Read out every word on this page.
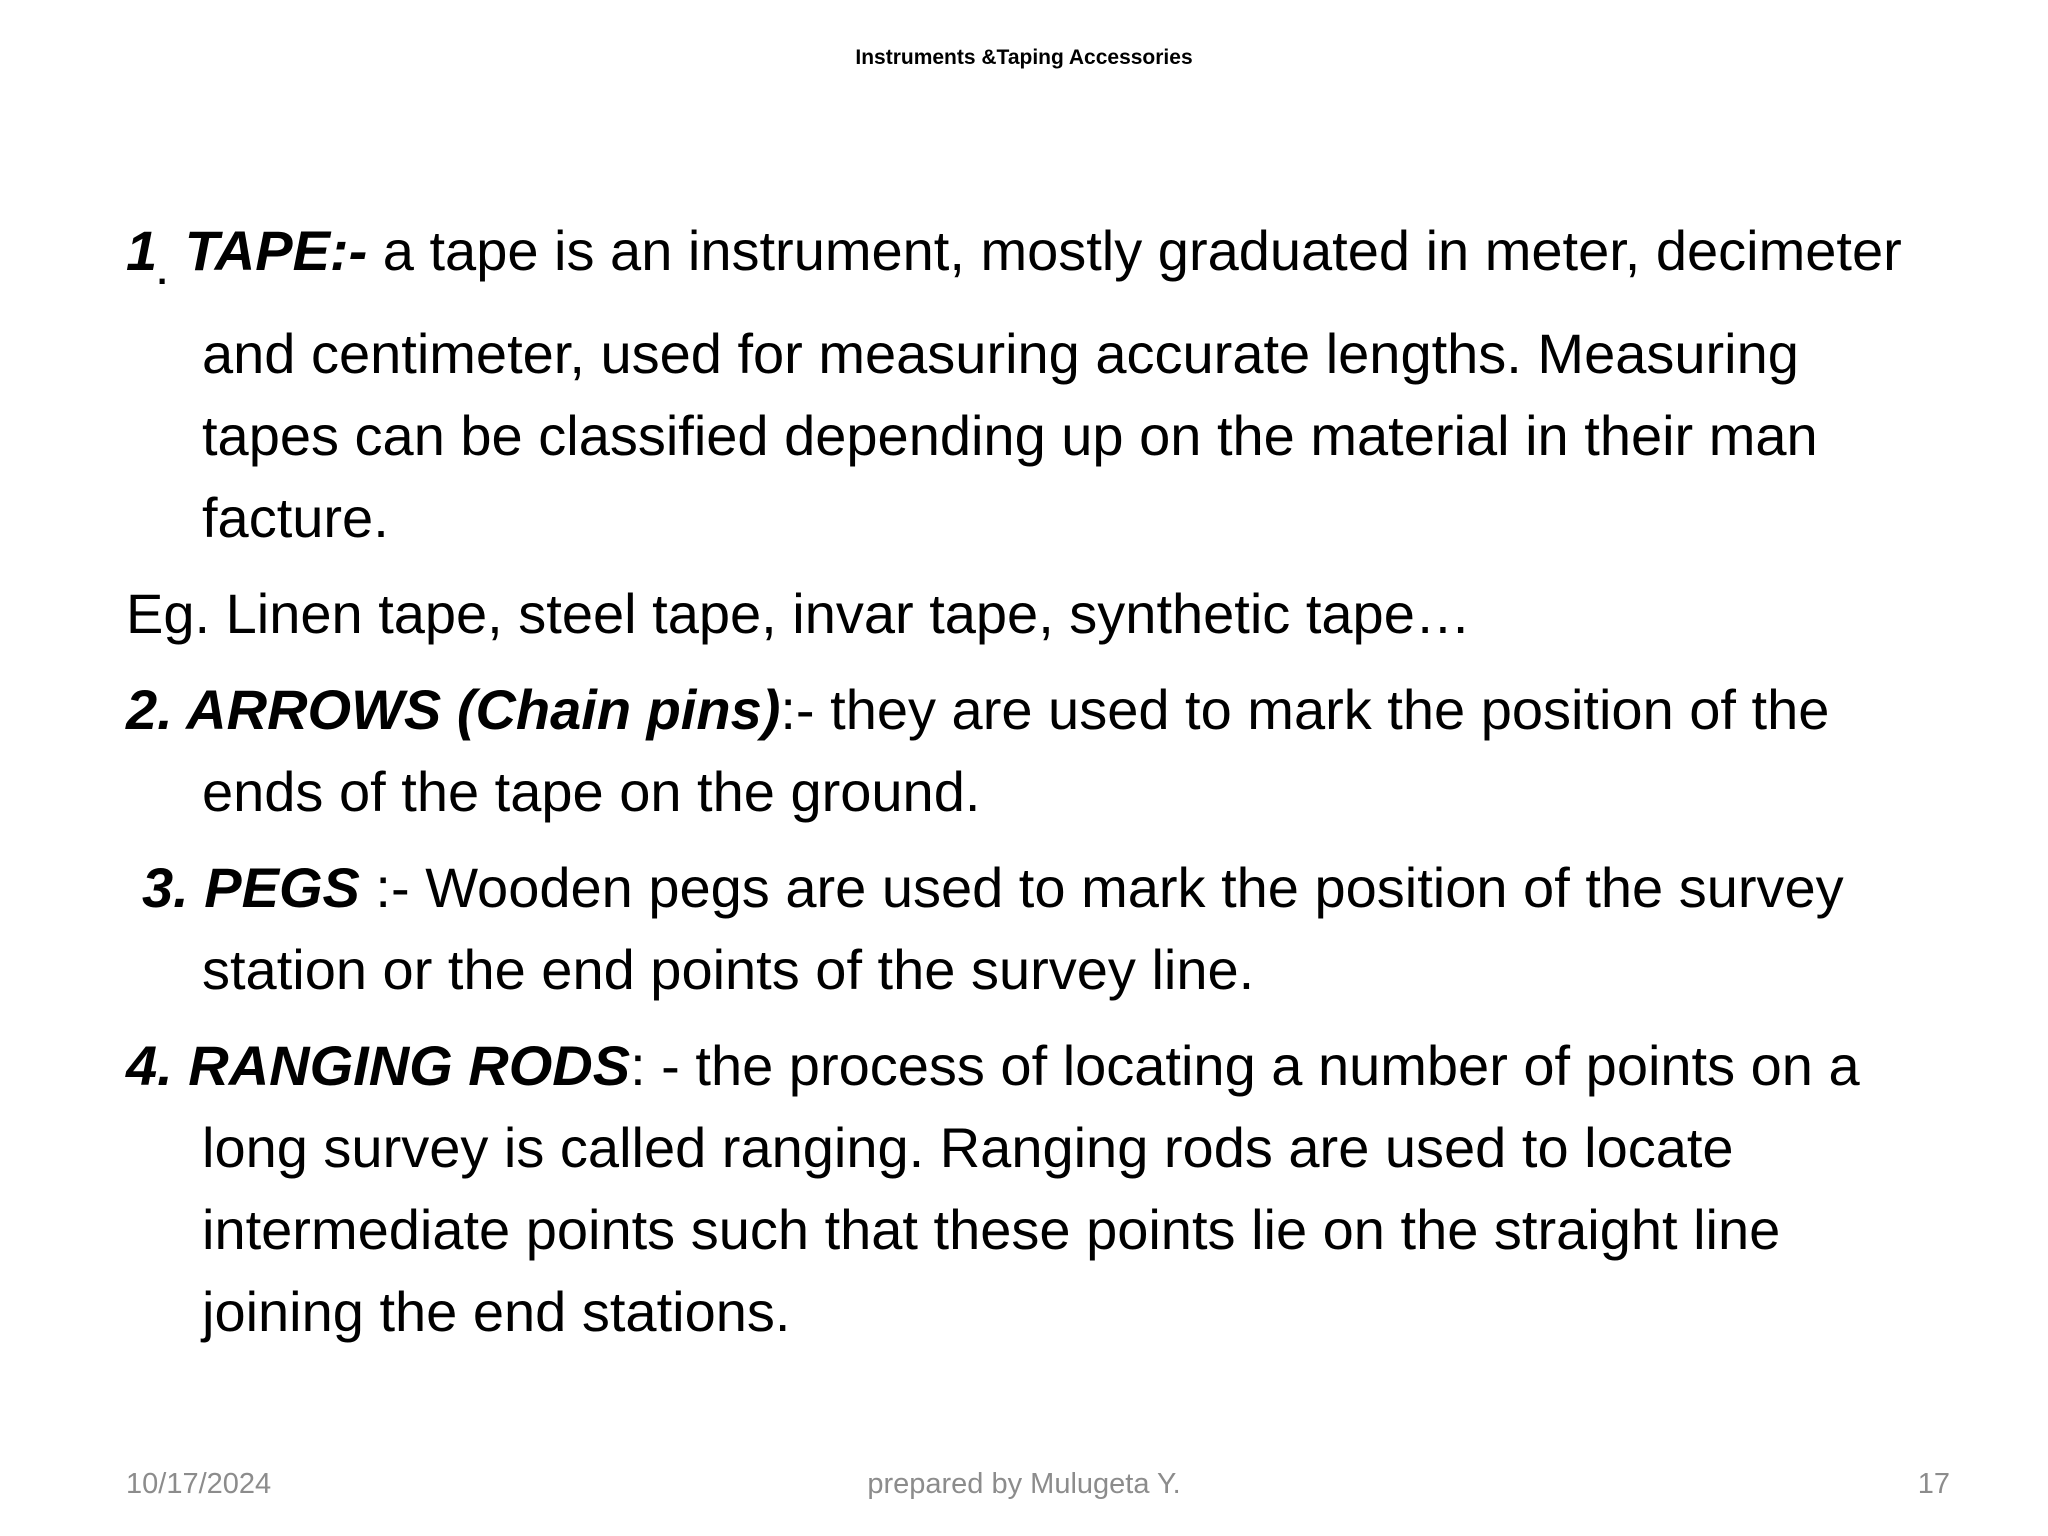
Instruments &Taping Accessories

$1_.$ TAPE:- a tape is an instrument, mostly graduated in meter, decimeter and centimeter, used for measuring accurate lengths. Measuring tapes can be classified depending up on the material in their man facture.

Eg. Linen tape, steel tape, invar tape, synthetic tape…

2. ARROWS (Chain pins):- they are used to mark the position of the ends of the tape on the ground.

3. PEGS :- Wooden pegs are used to mark the position of the survey station or the end points of the survey line.

4. RANGING RODS: - the process of locating a number of points on a long survey is called ranging. Ranging rods are used to locate intermediate points such that these points lie on the straight line joining the end stations.

10/17/2024	prepared by Mulugeta Y.	17
